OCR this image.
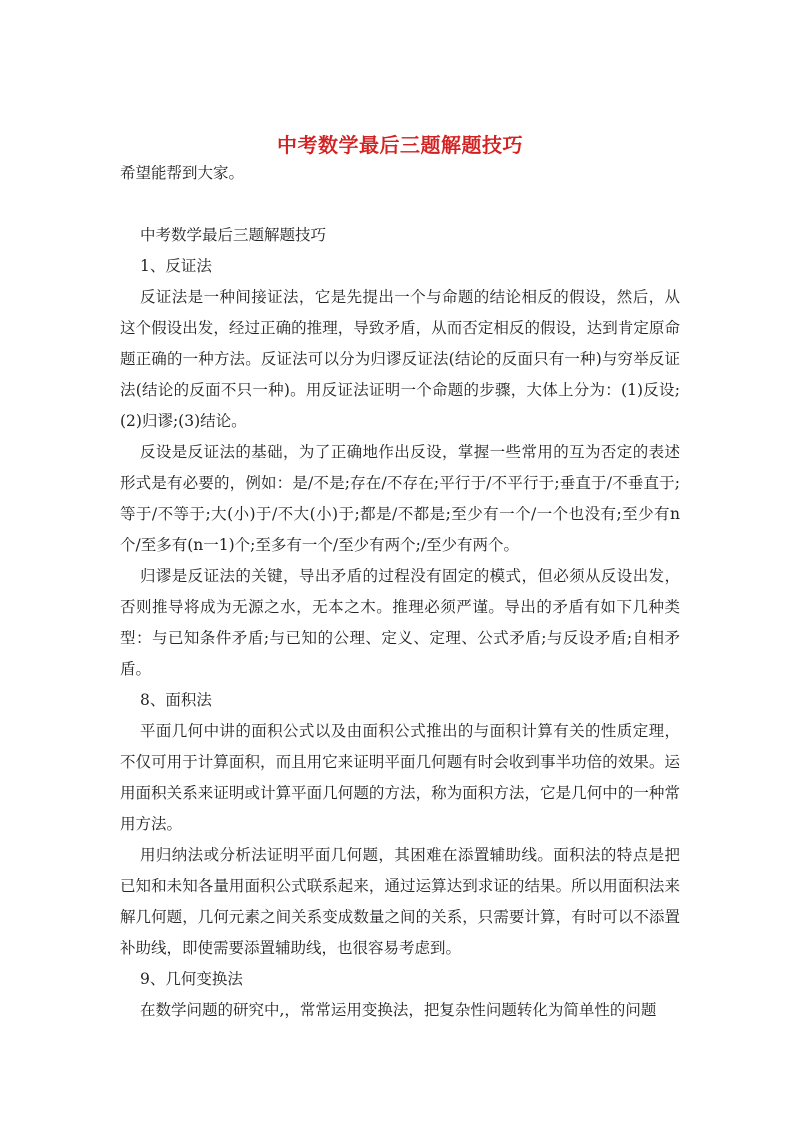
中考数学最后三题解题技巧

希望能帮到大家。

中考数学最后三题解题技巧

1、反证法

反证法是一种间接证法，它是先提出一个与命题的结论相反的假设，然后，从这个假设出发，经过正确的推理，导致矛盾，从而否定相反的假设，达到肯定原命题正确的一种方法。反证法可以分为归谬反证法(结论的反面只有一种)与穷举反证法(结论的反面不只一种)。用反证法证明一个命题的步骤，大体上分为：(1)反设;(2)归谬;(3)结论。

反设是反证法的基础，为了正确地作出反设，掌握一些常用的互为否定的表述形式是有必要的，例如：是/不是;存在/不存在;平行于/不平行于;垂直于/不垂直于;等于/不等于;大(小)于/不大(小)于;都是/不都是;至少有一个/一个也没有;至少有n个/至多有(n一1)个;至多有一个/至少有两个;/至少有两个。

归谬是反证法的关键，导出矛盾的过程没有固定的模式，但必须从反设出发，否则推导将成为无源之水，无本之木。推理必须严谨。导出的矛盾有如下几种类型：与已知条件矛盾;与已知的公理、定义、定理、公式矛盾;与反设矛盾;自相矛盾。

8、面积法

平面几何中讲的面积公式以及由面积公式推出的与面积计算有关的性质定理，不仅可用于计算面积，而且用它来证明平面几何题有时会收到事半功倍的效果。运用面积关系来证明或计算平面几何题的方法，称为面积方法，它是几何中的一种常用方法。

用归纳法或分析法证明平面几何题，其困难在添置辅助线。面积法的特点是把已知和未知各量用面积公式联系起来，通过运算达到求证的结果。所以用面积法来解几何题，几何元素之间关系变成数量之间的关系，只需要计算，有时可以不添置补助线，即使需要添置辅助线，也很容易考虑到。

9、几何变换法

在数学问题的研究中,，常常运用变换法，把复杂性问题转化为简单性的问题
